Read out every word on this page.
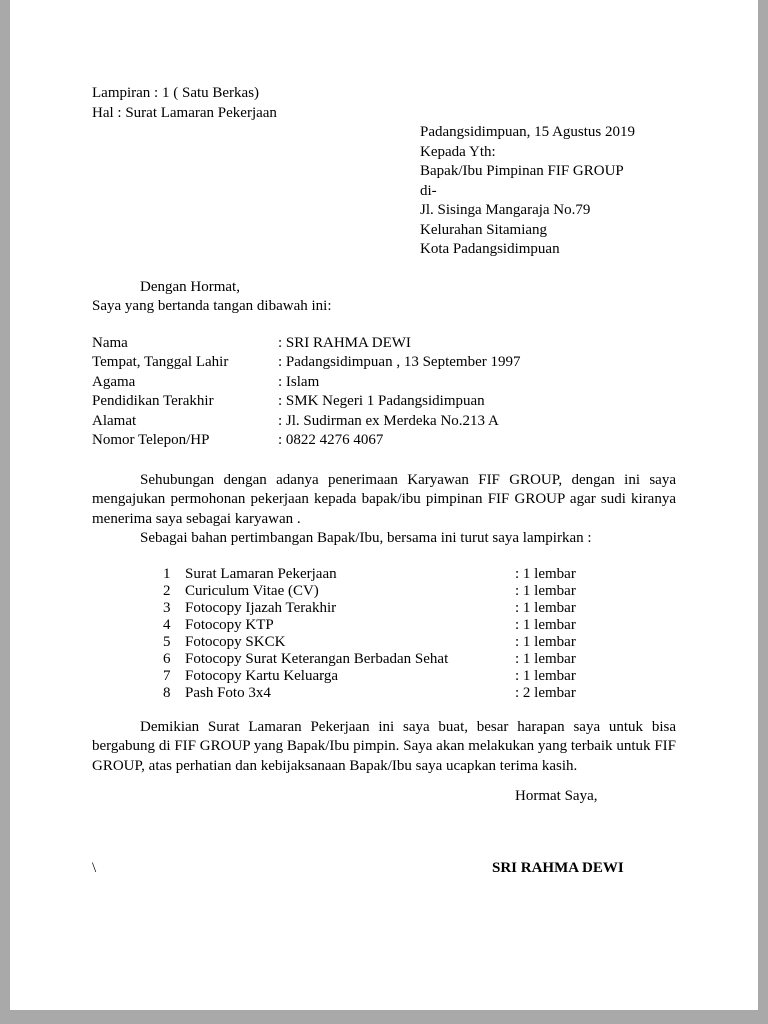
Lampiran : 1 ( Satu Berkas)
Hal : Surat Lamaran Pekerjaan
Padangsidimpuan, 15 Agustus 2019
Kepada Yth:
Bapak/Ibu Pimpinan FIF GROUP
di-
Jl. Sisinga Mangaraja No.79
Kelurahan Sitamiang
Kota Padangsidimpuan
Dengan Hormat,
Saya yang bertanda tangan dibawah ini:
Nama	: SRI RAHMA DEWI
Tempat, Tanggal Lahir	: Padangsidimpuan , 13 September 1997
Agama	: Islam
Pendidikan Terakhir	: SMK Negeri 1 Padangsidimpuan
Alamat	: Jl. Sudirman ex Merdeka No.213 A
Nomor Telepon/HP	: 0822 4276 4067

Sehubungan dengan adanya penerimaan Karyawan FIF GROUP, dengan ini saya mengajukan permohonan pekerjaan kepada bapak/ibu pimpinan FIF GROUP agar sudi kiranya menerima saya sebagai karyawan .

Sebagai bahan pertimbangan Bapak/Ibu, bersama ini turut saya lampirkan :

1 Surat Lamaran Pekerjaan	: 1 lembar
2 Curiculum Vitae (CV)	: 1 lembar
3 Fotocopy Ijazah Terakhir	: 1 lembar
4 Fotocopy KTP	: 1 lembar
5 Fotocopy SKCK	: 1 lembar
6 Fotocopy Surat Keterangan Berbadan Sehat	: 1 lembar
7 Fotocopy Kartu Keluarga	: 1 lembar
8 Pash Foto 3x4	: 2 lembar

Demikian Surat Lamaran Pekerjaan ini saya buat, besar harapan saya untuk bisa bergabung di FIF GROUP yang Bapak/Ibu pimpin. Saya akan melakukan yang terbaik untuk FIF GROUP, atas perhatian dan kebijaksanaan Bapak/Ibu saya ucapkan terima kasih.

Hormat Saya,
\	SRI RAHMA DEWI
